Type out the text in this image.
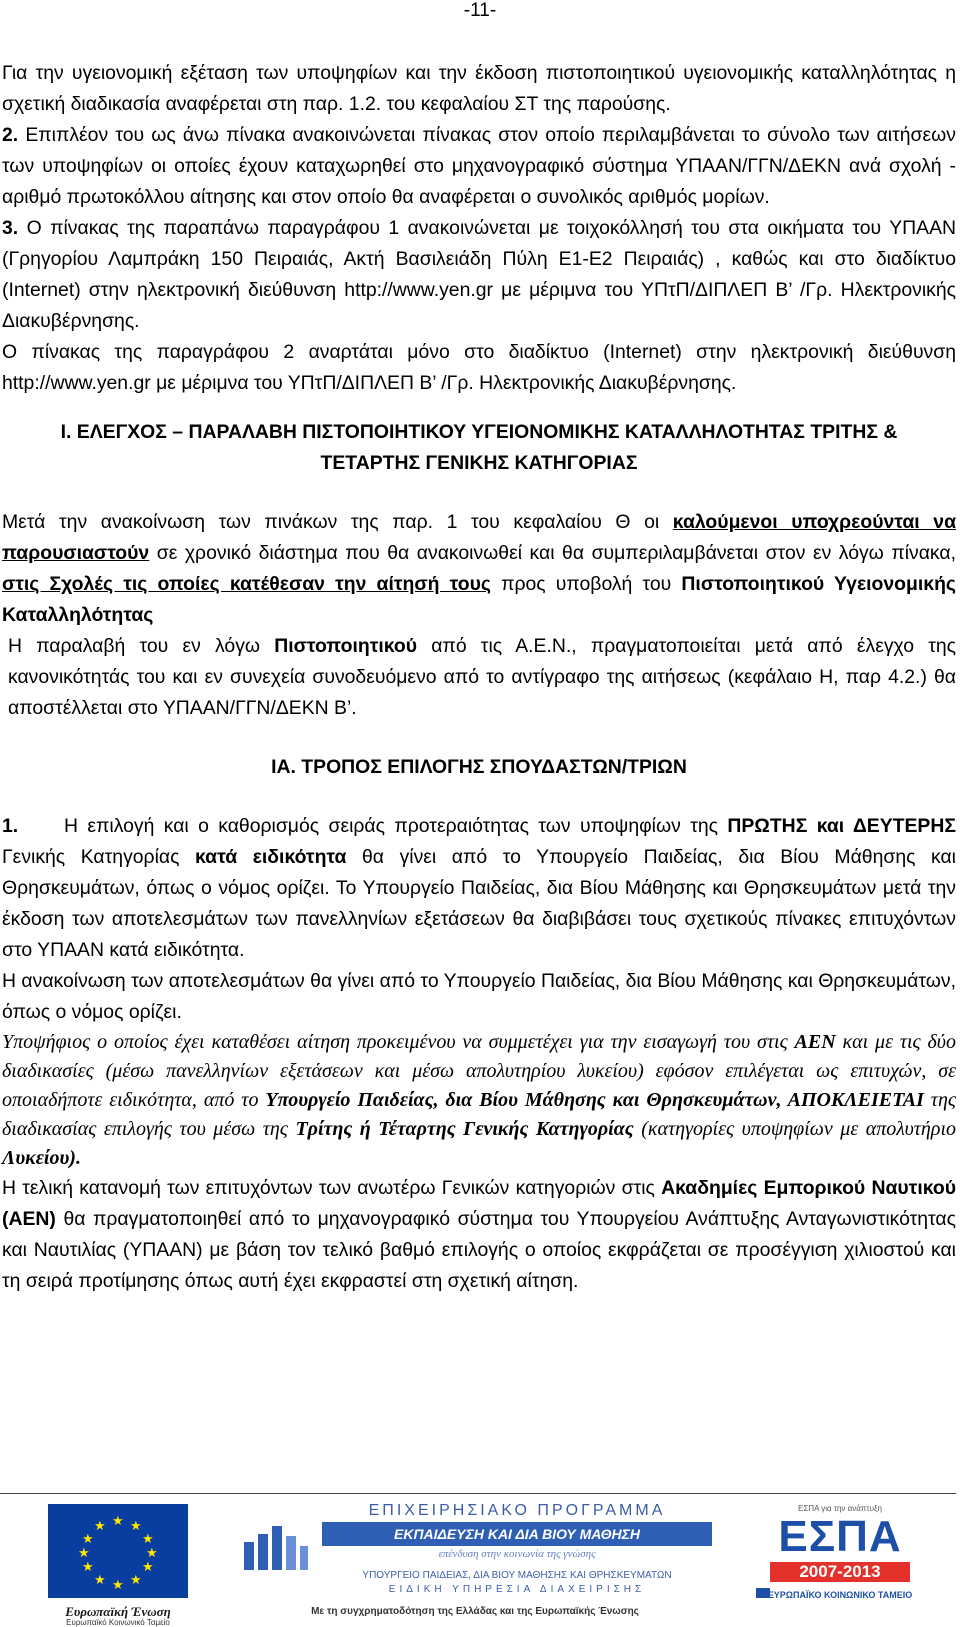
-11-

Για την υγειονομική εξέταση των υποψηφίων και την έκδοση πιστοποιητικού υγειονομικής καταλληλότητας η σχετική διαδικασία αναφέρεται στη παρ. 1.2. του κεφαλαίου ΣΤ της παρούσης.

2. Επιπλέον του ως άνω πίνακα ανακοινώνεται πίνακας στον οποίο περιλαμβάνεται το σύνολο των αιτήσεων των υποψηφίων οι οποίες έχουν καταχωρηθεί στο μηχανογραφικό σύστημα ΥΠΑΑΝ/ΓΓΝ/ΔΕΚΝ ανά σχολή - αριθμό πρωτοκόλλου αίτησης και στον οποίο θα αναφέρεται ο συνολικός αριθμός μορίων.

3. Ο πίνακας της παραπάνω παραγράφου 1 ανακοινώνεται με τοιχοκόλλησή του στα οικήματα του ΥΠΑΑΝ (Γρηγορίου Λαμπράκη 150 Πειραιάς, Ακτή Βασιλειάδη Πύλη Ε1-Ε2 Πειραιάς) , καθώς και στο διαδίκτυο (Internet) στην ηλεκτρονική διεύθυνση http://www.yen.gr με μέριμνα του ΥΠτΠ/ΔΙΠΛΕΠ Β’ /Γρ. Ηλεκτρονικής Διακυβέρνησης.

Ο πίνακας της παραγράφου 2 αναρτάται μόνο στο διαδίκτυο (Internet) στην ηλεκτρονική διεύθυνση http://www.yen.gr με μέριμνα του ΥΠτΠ/ΔΙΠΛΕΠ Β’ /Γρ. Ηλεκτρονικής Διακυβέρνησης.

Ι. ΕΛΕΓΧΟΣ – ΠΑΡΑΛΑΒΗ ΠΙΣΤΟΠΟΙΗΤΙΚΟΥ ΥΓΕΙΟΝΟΜΙΚΗΣ ΚΑΤΑΛΛΗΛΟΤΗΤΑΣ ΤΡΙΤΗΣ &
ΤΕΤΑΡΤΗΣ ΓΕΝΙΚΗΣ ΚΑΤΗΓΟΡΙΑΣ

Μετά την ανακοίνωση των πινάκων της παρ. 1 του κεφαλαίου Θ οι καλούμενοι υποχρεούνται να παρουσιαστούν σε χρονικό διάστημα που θα ανακοινωθεί και θα συμπεριλαμβάνεται στον εν λόγω πίνακα, στις Σχολές τις οποίες κατέθεσαν την αίτησή τους προς υποβολή του Πιστοποιητικού Υγειονομικής Καταλληλότητας

Η παραλαβή του εν λόγω Πιστοποιητικού από τις Α.Ε.Ν., πραγματοποιείται μετά από έλεγχο της κανονικότητάς του και εν συνεχεία συνοδευόμενο από το αντίγραφο της αιτήσεως (κεφάλαιο Η, παρ 4.2.) θα αποστέλλεται στο ΥΠΑΑΝ/ΓΓΝ/ΔΕΚΝ Β’.

ΙΑ. ΤΡΟΠΟΣ ΕΠΙΛΟΓΗΣ ΣΠΟΥΔΑΣΤΩΝ/ΤΡΙΩΝ

1. Η επιλογή και ο καθορισμός σειράς προτεραιότητας των υποψηφίων της ΠΡΩΤΗΣ και ΔΕΥΤΕΡΗΣ Γενικής Κατηγορίας κατά ειδικότητα θα γίνει από το Υπουργείο Παιδείας, δια Βίου Μάθησης και Θρησκευμάτων, όπως ο νόμος ορίζει. Το Υπουργείο Παιδείας, δια Βίου Μάθησης και Θρησκευμάτων μετά την έκδοση των αποτελεσμάτων των πανελληνίων εξετάσεων θα διαβιβάσει τους σχετικούς πίνακες επιτυχόντων στο ΥΠΑΑΝ κατά ειδικότητα.

Η ανακοίνωση των αποτελεσμάτων θα γίνει από το Υπουργείο Παιδείας, δια Βίου Μάθησης και Θρησκευμάτων, όπως ο νόμος ορίζει.

Υποψήφιος ο οποίος έχει καταθέσει αίτηση προκειμένου να συμμετέχει για την εισαγωγή του στις ΑΕΝ και με τις δύο διαδικασίες (μέσω πανελληνίων εξετάσεων και μέσω απολυτηρίου λυκείου) εφόσον επιλέγεται ως επιτυχών, σε οποιαδήποτε ειδικότητα, από το Υπουργείο Παιδείας, δια Βίου Μάθησης και Θρησκευμάτων, ΑΠΟΚΛΕΙΕΤΑΙ της διαδικασίας επιλογής του μέσω της Τρίτης ή Τέταρτης Γενικής Κατηγορίας (κατηγορίες υποψηφίων με απολυτήριο Λυκείου).

Η τελική κατανομή των επιτυχόντων των ανωτέρω Γενικών κατηγοριών στις Ακαδημίες Εμπορικού Ναυτικού (ΑΕΝ) θα πραγματοποιηθεί από το μηχανογραφικό σύστημα του Υπουργείου Ανάπτυξης Ανταγωνιστικότητας και Ναυτιλίας (ΥΠΑΑΝ) με βάση τον τελικό βαθμό επιλογής ο οποίος εκφράζεται σε προσέγγιση χιλιοστού και τη σειρά προτίμησης όπως αυτή έχει εκφραστεί στη σχετική αίτηση.

★ ★
★
★
★
★
★
★
★
★
★
★
Ευρωπαϊκή Ένωση
Ευρωπαϊκό Κοινωνικό Ταμείο
ΕΠΙΧΕΙΡΗΣΙΑΚΟ ΠΡΟΓΡΑΜΜΑ
ΕΚΠΑΙΔΕΥΣΗ ΚΑΙ ΔΙΑ ΒΙΟΥ ΜΑΘΗΣΗ
επένδυση στην κοινωνία της γνώσης
ΥΠΟΥΡΓΕΙΟ ΠΑΙΔΕΙΑΣ, ΔΙΑ ΒΙΟΥ ΜΑΘΗΣΗΣ ΚΑΙ ΘΡΗΣΚΕΥΜΑΤΩΝ
ΕΙΔΙΚΗ ΥΠΗΡΕΣΙΑ ΔΙΑΧΕΙΡΙΣΗΣ
Με τη συγχρηματοδότηση της Ελλάδας και της Ευρωπαϊκής Ένωσης
ΕΣΠΑ για την ανάπτυξη
ΕΣΠΑ
2007-2013
ΕΥΡΩΠΑΪΚΟ ΚΟΙΝΩΝΙΚΟ ΤΑΜΕΙΟ
